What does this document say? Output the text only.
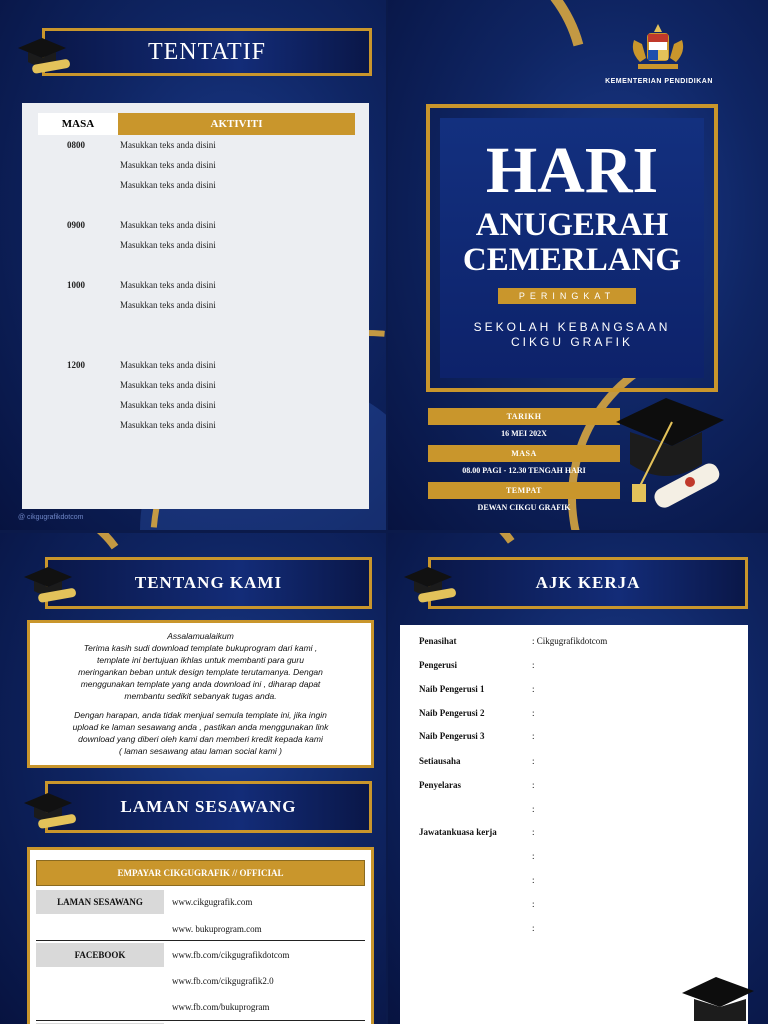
TENTATIF
MASA	AKTIVITI
0800	Masukkan teks anda disini
Masukkan teks anda disini
Masukkan teks anda disini
0900	Masukkan teks anda disini
Masukkan teks anda disini
1000	Masukkan teks anda disini
Masukkan teks anda disini
1200	Masukkan teks anda disini
Masukkan teks anda disini
Masukkan teks anda disini
Masukkan teks anda disini
@ cikgugrafikdotcom
KEMENTERIAN PENDIDIKAN
HARI
ANUGERAH
CEMERLANG
PERINGKAT
SEKOLAH KEBANGSAAN
CIKGU GRAFIK
TARIKH
16 MEI 202X
MASA
08.00 PAGI - 12.30 TENGAH HARI
TEMPAT
DEWAN CIKGU GRAFIK
TENTANG KAMI
Assalamualaikum
Terima kasih sudi download template bukuprogram dari kami ,
template ini bertujuan ikhlas untuk membanti para guru
meringankan beban untuk design template terutamanya. Dengan
menggunakan template yang anda download ini , diharap dapat
membantu sedikit sebanyak tugas anda.
Dengan harapan, anda tidak menjual semula template ini, jika ingin
upload ke laman sesawang anda , pastikan anda menggunakan link
download yang diberi oleh kami dan memberi kredit kepada kami
( laman sesawang atau laman social kami )
LAMAN SESAWANG
EMPAYAR CIKGUGRAFIK // OFFICIAL
LAMAN SESAWANG	www.cikgugrafik.com
www. bukuprogram.com
FACEBOOK	www.fb.com/cikgugrafikdotcom
www.fb.com/cikgugrafik2.0
www.fb.com/bukuprogram
AJK KERJA
Penasihat	: Cikgugrafikdotcom
Pengerusi	:
Naib Pengerusi 1	:
Naib Pengerusi 2	:
Naib Pengerusi 3	:
Setiausaha	:
Penyelaras	:
:
Jawatankuasa kerja	:
:
:
:
:
